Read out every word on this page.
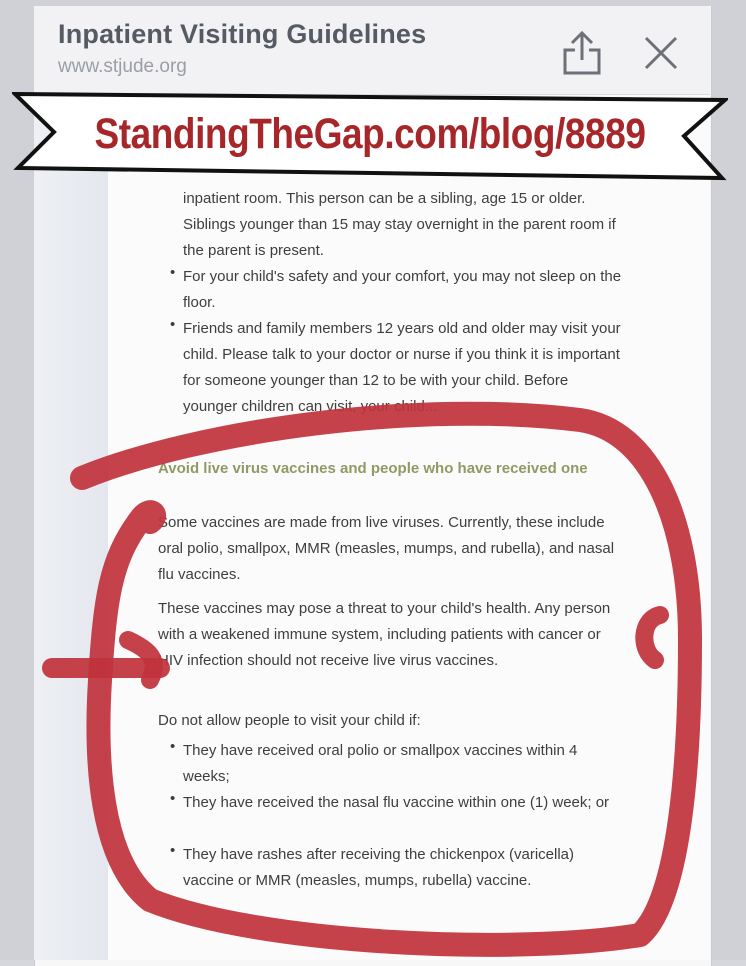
Inpatient Visiting Guidelines
www.stjude.org
inpatient room. This person can be a sibling, age 15 or older. Siblings younger than 15 may stay overnight in the parent room if the parent is present.
• For your child's safety and your comfort, you may not sleep on the floor.
• Friends and family members 12 years old and older may visit your child. Please talk to your doctor or nurse if you think it is important for someone younger than 12 to be with your child. Before younger children can visit, your child...
Avoid live virus vaccines and people who have received one
Some vaccines are made from live viruses. Currently, these include oral polio, smallpox, MMR (measles, mumps, and rubella), and nasal flu vaccines.
These vaccines may pose a threat to your child's health. Any person with a weakened immune system, including patients with cancer or HIV infection should not receive live virus vaccines.
Do not allow people to visit your child if:
• They have received oral polio or smallpox vaccines within 4 weeks;
• They have received the nasal flu vaccine within one (1) week; or
• They have rashes after receiving the chickenpox (varicella) vaccine or MMR (measles, mumps, rubella) vaccine.
StandingTheGap.com/blog/8889
